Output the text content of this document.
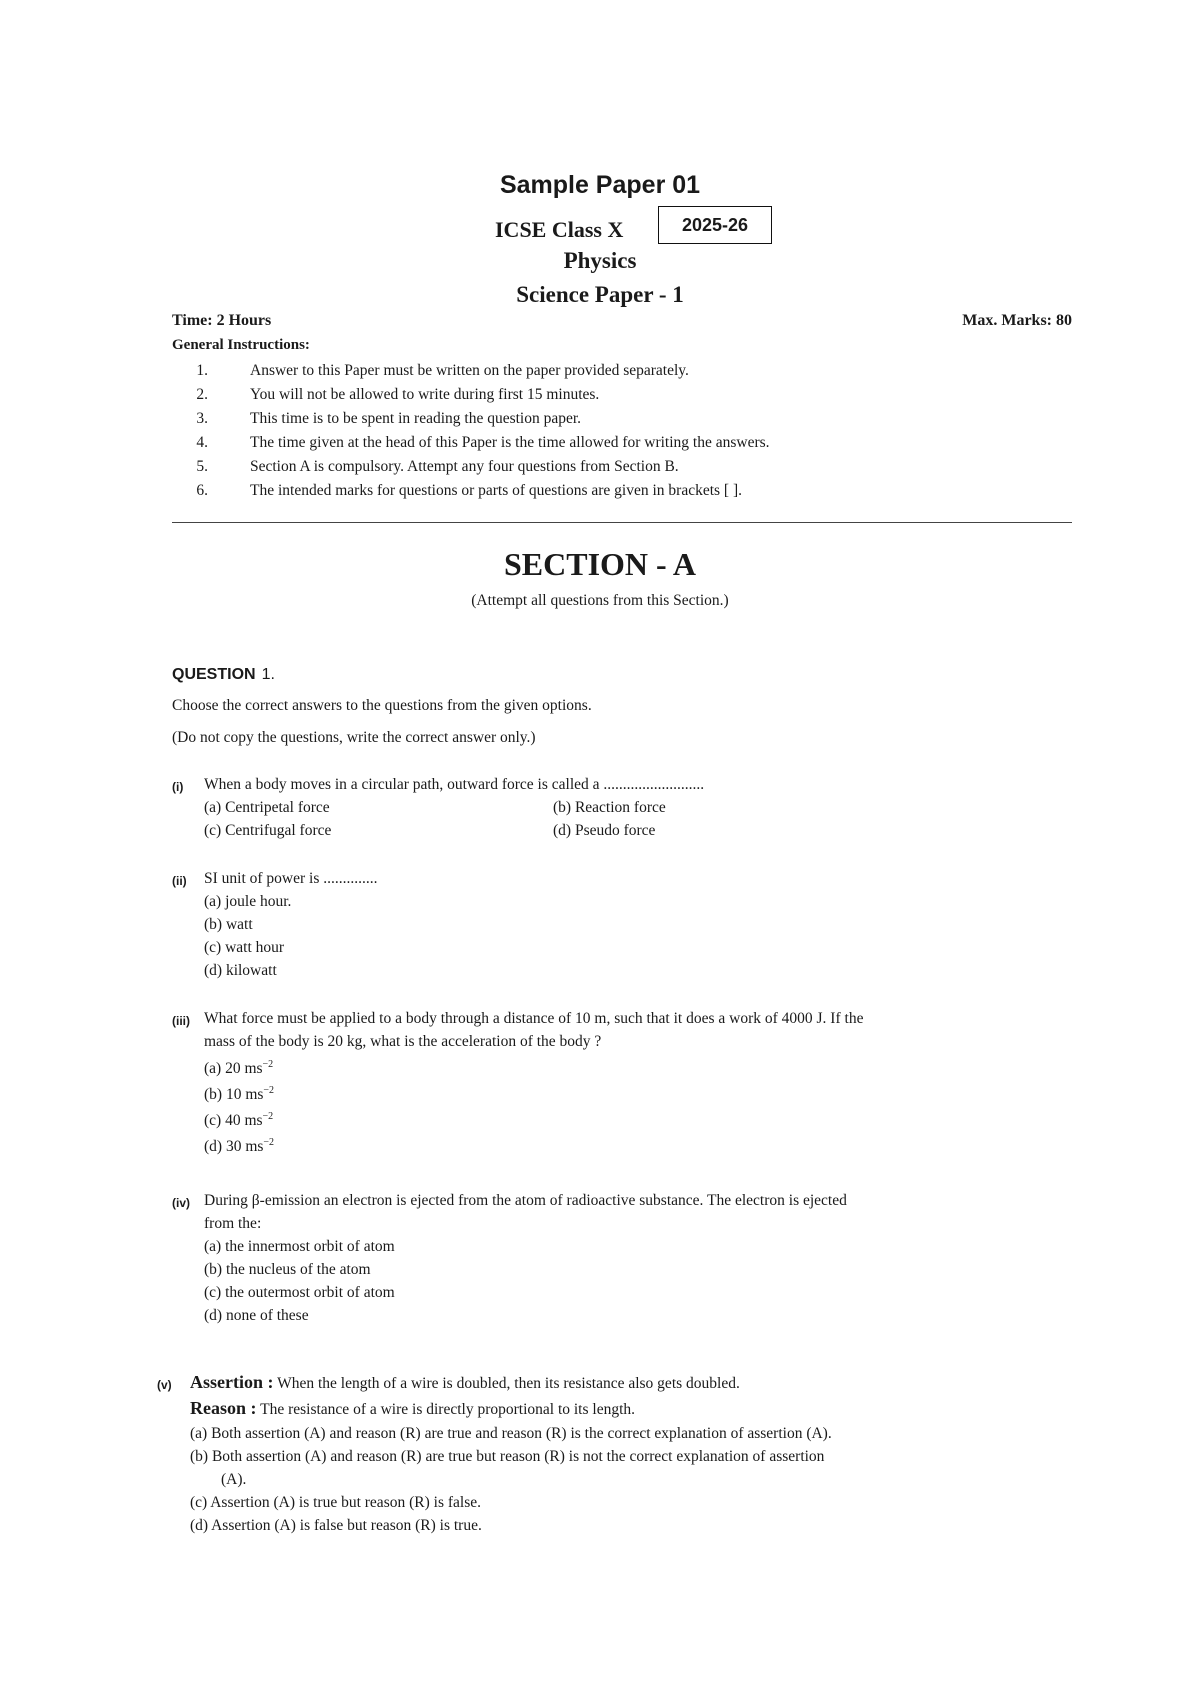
Sample Paper 01
ICSE Class X	2025-26
Physics
Science Paper - 1
Time: 2 Hours	Max. Marks: 80
General Instructions:
1.	Answer to this Paper must be written on the paper provided separately.
2.	You will not be allowed to write during first 15 minutes.
3.	This time is to be spent in reading the question paper.
4.	The time given at the head of this Paper is the time allowed for writing the answers.
5.	Section A is compulsory. Attempt any four questions from Section B.
6.	The intended marks for questions or parts of questions are given in brackets [ ].
SECTION - A
(Attempt all questions from this Section.)
QUESTION 1.
Choose the correct answers to the questions from the given options.
(Do not copy the questions, write the correct answer only.)
(i) When a body moves in a circular path, outward force is called a ..........................
(a) Centripetal force	(b) Reaction force
(c) Centrifugal force	(d) Pseudo force
(ii) SI unit of power is ..............
(a) joule hour.
(b) watt
(c) watt hour
(d) kilowatt
(iii) What force must be applied to a body through a distance of 10 m, such that it does a work of 4000 J. If the
mass of the body is 20 kg, what is the acceleration of the body ?
(a) 20 $ms^{-2}$
(b) 10 $ms^{-2}$
(c) 40 $ms^{-2}$
(d) 30 $ms^{-2}$
(iv) During β-emission an electron is ejected from the atom of radioactive substance. The electron is ejected
from the:
(a) the innermost orbit of atom
(b) the nucleus of the atom
(c) the outermost orbit of atom
(d) none of these
(v) Assertion : When the length of a wire is doubled, then its resistance also gets doubled.
Reason : The resistance of a wire is directly proportional to its length.
(a) Both assertion (A) and reason (R) are true and reason (R) is the correct explanation of assertion (A).
(b) Both assertion (A) and reason (R) are true but reason (R) is not the correct explanation of assertion
(A).
(c) Assertion (A) is true but reason (R) is false.
(d) Assertion (A) is false but reason (R) is true.
